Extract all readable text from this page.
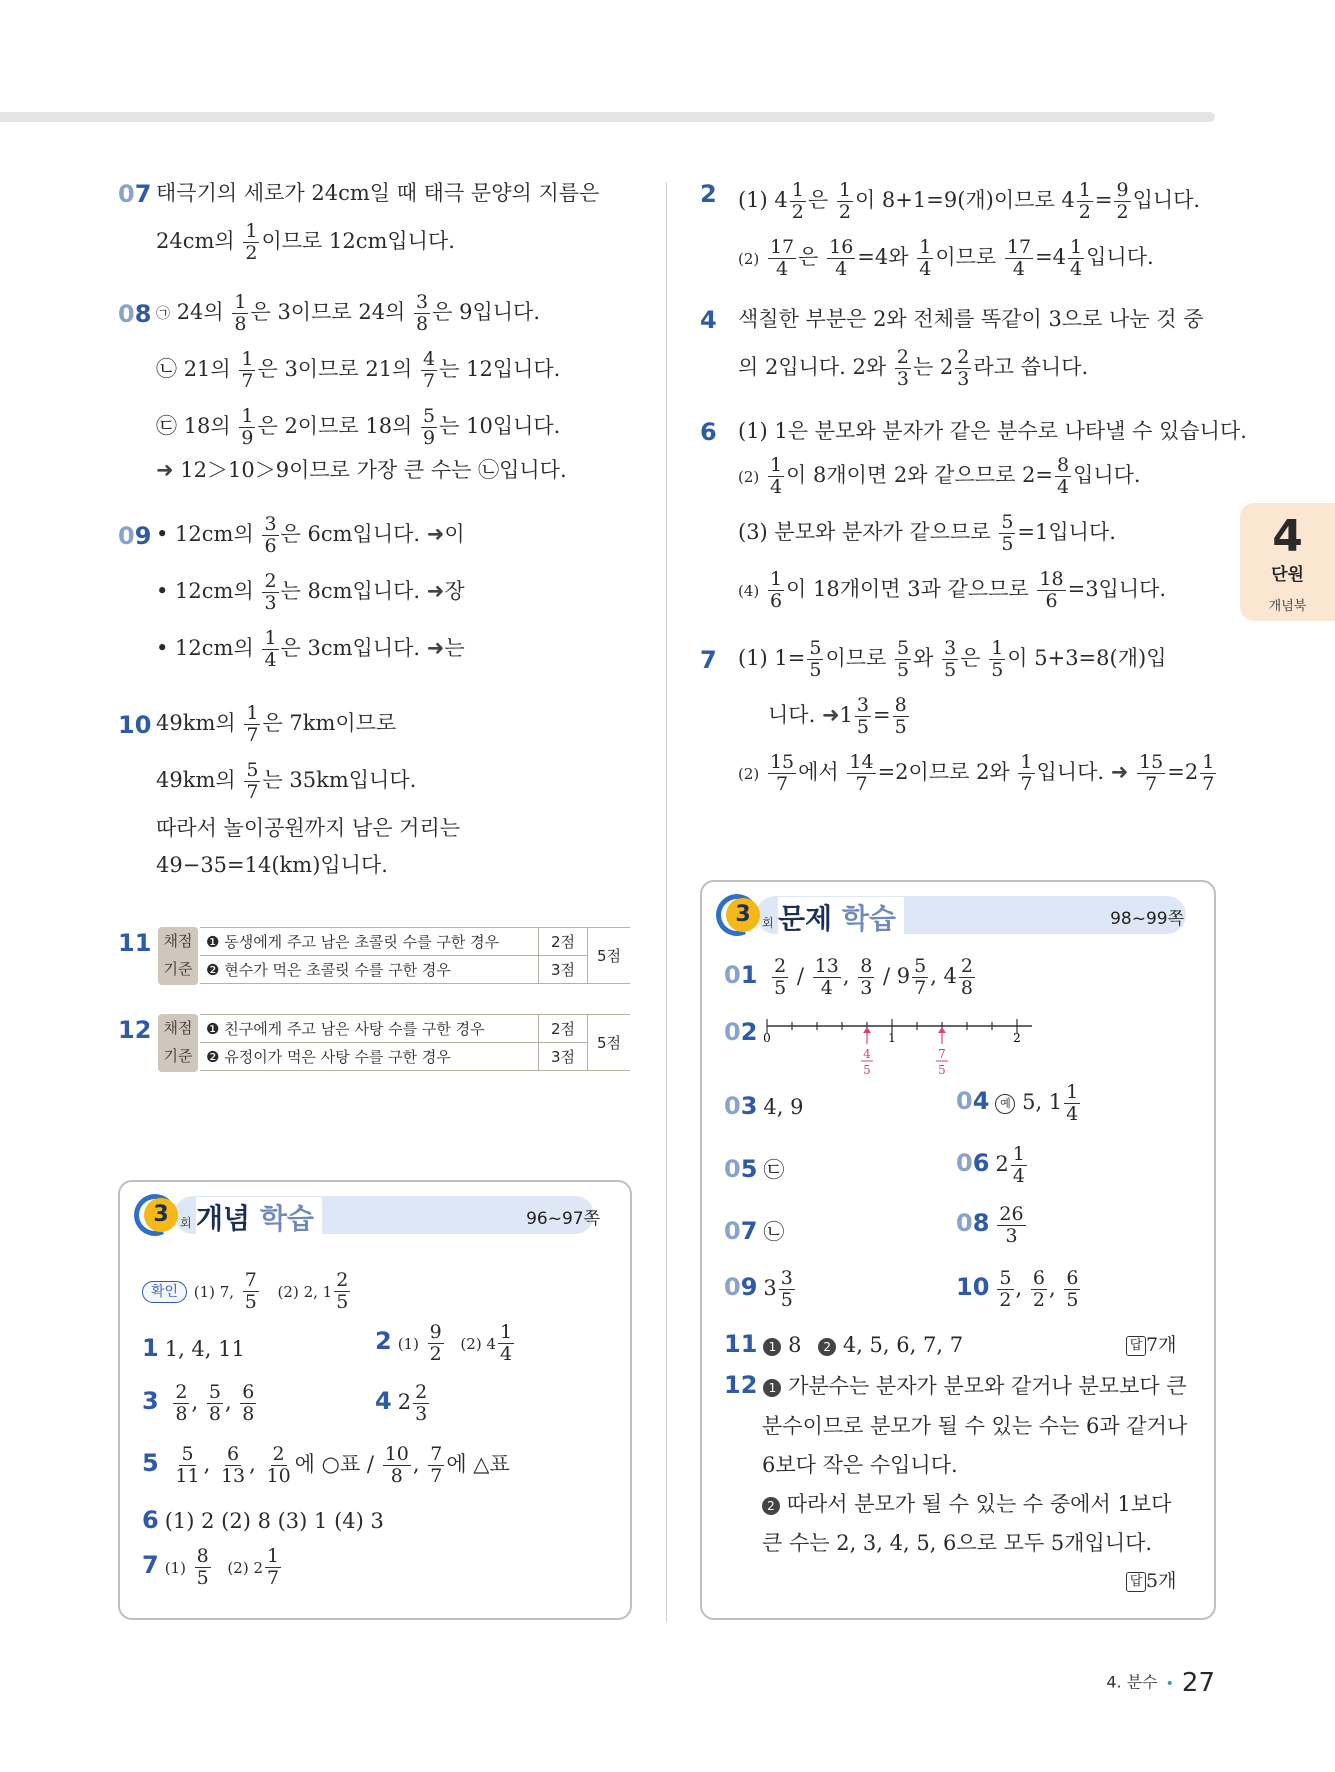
07 태극기의 세로가 24cm일 때 태극 문양의 지름은
24cm의 $\frac{1}{2}$ 이므로 12cm입니다.
08 ㉠ 24의 $\frac{1}{8}$ 은 3이므로 24의 $\frac{3}{8}$ 은 9입니다.
㉡ 21의 $\frac{1}{7}$ 은 3이므로 21의 $\frac{4}{7}$ 는 12입니다.
㉢ 18의 $\frac{1}{9}$ 은 2이므로 18의 $\frac{5}{9}$ 는 10입니다.
➜ 12＞10＞9이므로 가장 큰 수는 ㉡입니다.
09 • 12cm의 $\frac{3}{6}$ 은 6cm입니다. ➜이
• 12cm의 $\frac{2}{3}$ 는 8cm입니다. ➜장
• 12cm의 $\frac{1}{4}$ 은 3cm입니다. ➜는
10 49km의 $\frac{1}{7}$ 은 7km이므로
49km의 $\frac{5}{7}$ 는 35km입니다.
따라서 놀이공원까지 남은 거리는
49−35=14(km)입니다.
11 채점
기준
❶ 동생에게 주고 남은 초콜릿 수를 구한 경우	2점	5점
❷ 현수가 먹은 초콜릿 수를 구한 경우	3점	
12 채점
기준
❶ 친구에게 주고 남은 사탕 수를 구한 경우	2점	5점
❷ 유정이가 먹은 사탕 수를 구한 경우	3점	
3 회 개념 학습	96~97쪽
확인 (1) 7, $\frac{7}{5} (2)$ 2, $1 \frac{2}{5}$
1 1, 4, 11	2 $(1) \frac{9}{2} (2)$ $4 \frac{1}{4}$
$3 \frac{2}{8}$ , $\frac{5}{8}$ , $\frac{6}{8}$	4 $2 \frac{2}{3}$
$5 \frac{5}{11}$ , $\frac{6}{13}$ , $\frac{2}{10}$ 에 ○표 / $\frac{10}{8}$ , $\frac{7}{7}$ 에 △표
6 (1) 2 (2) 8 (3) 1 (4) 3
7 $(1) \frac{8}{5} (2)$ $2 \frac{1}{7}$
2 (1) $4 \frac{1}{2}$ 은 $\frac{1}{2}$ 이 8+1=9(개)이므로 $4 \frac{1}{2} = \frac{9}{2}$ 입니다.
$(2) \frac{17}{4}$ 은 $\frac{16}{4} =4$와 $\frac{1}{4}$ 이므로 $\frac{17}{4} =4 \frac{1}{4}$ 입니다.
4 색칠한 부분은 2와 전체를 똑같이 3으로 나눈 것 중
의 2입니다. 2와 $\frac{2}{3}$ 는 $2 \frac{2}{3}$ 라고 씁니다.
6 (1) 1은 분모와 분자가 같은 분수로 나타낼 수 있습니다.
$(2) \frac{1}{4}$ 이 8개이면 2와 같으므로 $2= \frac{8}{4}$ 입니다.
(3) 분모와 분자가 같으므로 $\frac{5}{5} =1$입니다.
$(4) \frac{1}{6}$ 이 18개이면 3과 같으므로 $\frac{18}{6} =3$입니다.
7 (1) $1= \frac{5}{5}$ 이므로 $\frac{5}{5}$ 와 $\frac{3}{5}$ 은 $\frac{1}{5}$ 이 5+3=8(개)입
니다. ➜1 $\frac{3}{5} = \frac{8}{5}$
$(2) \frac{15}{7}$ 에서 $\frac{14}{7} =2$이므로 2와 $\frac{1}{7}$ 입니다. ➜ $\frac{15}{7} =2 \frac{1}{7}$
3 회 문제 학습	98~99쪽
$01 \frac{2}{5} / \frac{13}{4}$ , $\frac{8}{3} / 9 \frac{5}{7}$ , $4 \frac{2}{8}$
02 0	1	2
4
5
7
5
03 4, 9	04 예 5, $1 \frac{1}{4}$
05 ㉢	06 $2 \frac{1}{4}$
07 ㉡	$08 \frac{26}{3}$
09 $3 \frac{3}{5}$	$10 \frac{5}{2}$ , $\frac{6}{2}$ , $\frac{6}{5}$
11 1 8 2 4, 5, 6, 7, 7	답 7개
12 1 가분수는 분자가 분모와 같거나 분모보다 큰
분수이므로 분모가 될 수 있는 수는 6과 같거나
6보다 작은 수입니다.
2 따라서 분모가 될 수 있는 수 중에서 1보다
큰 수는 2, 3, 4, 5, 6으로 모두 5개입니다.
답 5개
4
단원
개념북
4. 분수 • 27
